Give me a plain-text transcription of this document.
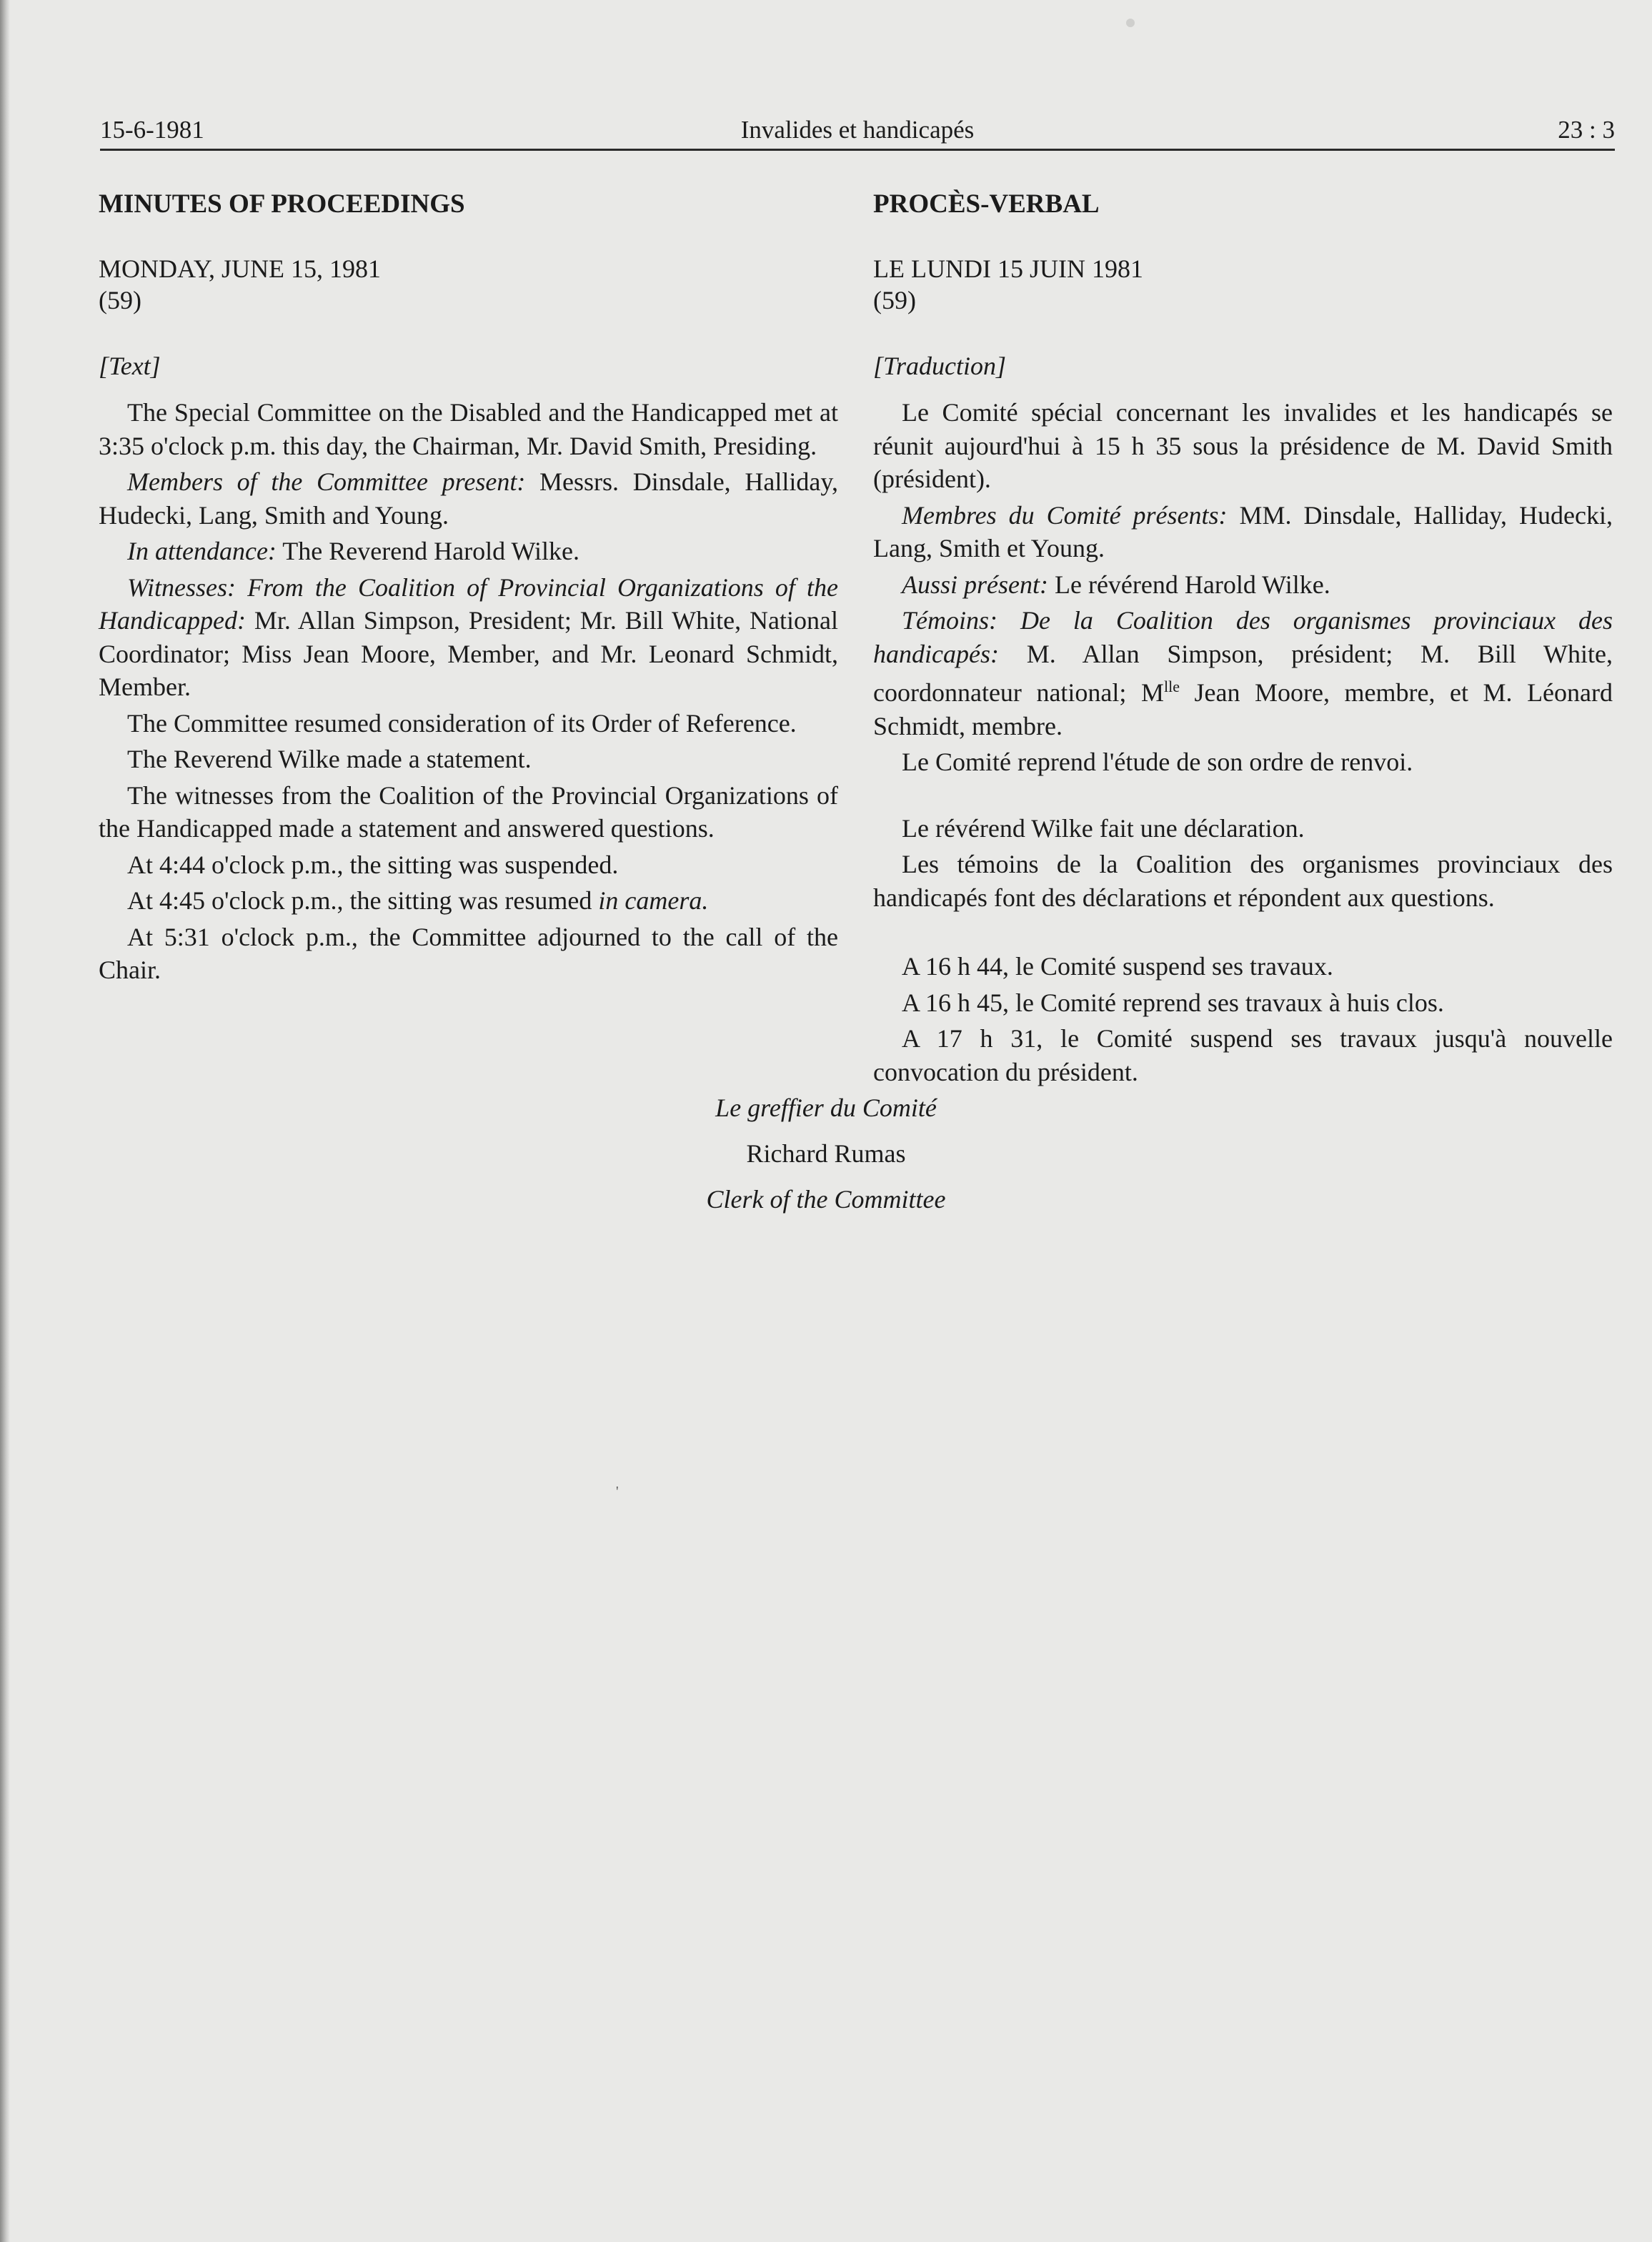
15-6-1981	Invalides et handicapés	23 : 3
MINUTES OF PROCEEDINGS
MONDAY, JUNE 15, 1981
(59)
[Text]

The Special Committee on the Disabled and the Handicapped met at 3:35 o'clock p.m. this day, the Chairman, Mr. David Smith, Presiding.

Members of the Committee present: Messrs. Dinsdale, Halliday, Hudecki, Lang, Smith and Young.

In attendance: The Reverend Harold Wilke.

Witnesses: From the Coalition of Provincial Organizations of the Handicapped: Mr. Allan Simpson, President; Mr. Bill White, National Coordinator; Miss Jean Moore, Member, and Mr. Leonard Schmidt, Member.

The Committee resumed consideration of its Order of Reference.

The Reverend Wilke made a statement.

The witnesses from the Coalition of the Provincial Organizations of the Handicapped made a statement and answered questions.

At 4:44 o'clock p.m., the sitting was suspended.

At 4:45 o'clock p.m., the sitting was resumed in camera.

At 5:31 o'clock p.m., the Committee adjourned to the call of the Chair.

PROCÈS-VERBAL
LE LUNDI 15 JUIN 1981
(59)
[Traduction]

Le Comité spécial concernant les invalides et les handicapés se réunit aujourd'hui à 15 h 35 sous la présidence de M. David Smith (président).

Membres du Comité présents: MM. Dinsdale, Halliday, Hudecki, Lang, Smith et Young.

Aussi présent: Le révérend Harold Wilke.

Témoins: De la Coalition des organismes provinciaux des handicapés: M. Allan Simpson, président; M. Bill White, coordonnateur national; $M^{lle}$ Jean Moore, membre, et M. Léonard Schmidt, membre.

Le Comité reprend l'étude de son ordre de renvoi.

Le révérend Wilke fait une déclaration.

Les témoins de la Coalition des organismes provinciaux des handicapés font des déclarations et répondent aux questions.

A 16 h 44, le Comité suspend ses travaux.

A 16 h 45, le Comité reprend ses travaux à huis clos.

A 17 h 31, le Comité suspend ses travaux jusqu'à nouvelle convocation du président.

Le greffier du Comité
Richard Rumas
Clerk of the Committee
'
